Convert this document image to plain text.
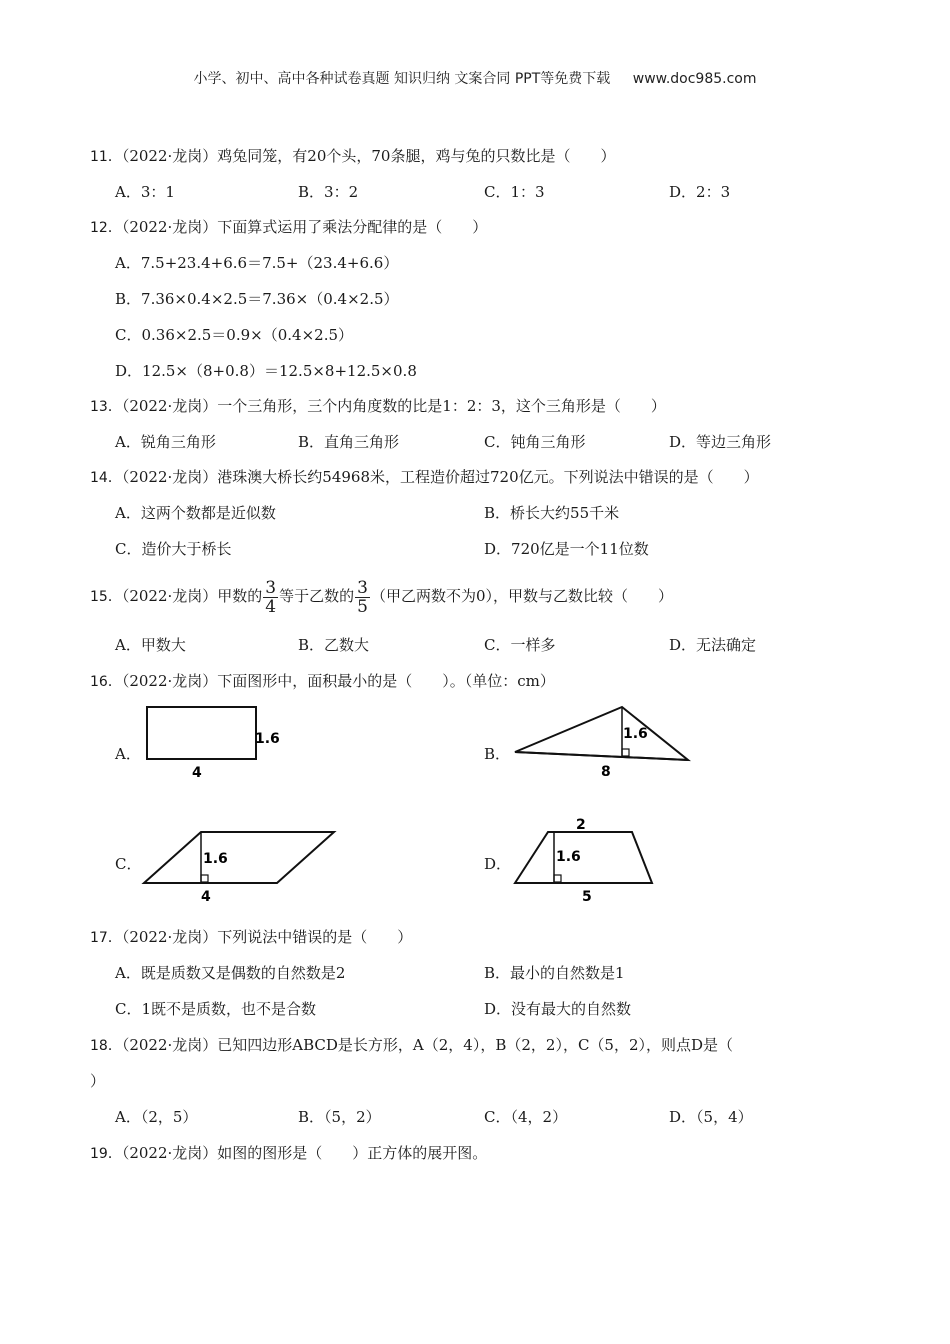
小学、初中、高中各种试卷真题 知识归纳 文案合同 PPT等免费下载 www.doc985.com
11．（2022·龙岗）鸡兔同笼，有20个头，70条腿，鸡与兔的只数比是（　　）
A．3：1	B．3：2	C．1：3	D．2：3
12．（2022·龙岗）下面算式运用了乘法分配律的是（　　）
A．7.5+23.4+6.6＝7.5+（23.4+6.6）
B．7.36×0.4×2.5＝7.36×（0.4×2.5）
C．0.36×2.5＝0.9×（0.4×2.5）
D．12.5×（8+0.8）＝12.5×8+12.5×0.8
13．（2022·龙岗）一个三角形，三个内角度数的比是1：2：3，这个三角形是（　　）
A．锐角三角形	B．直角三角形	C．钝角三角形	D．等边三角形
14．（2022·龙岗）港珠澳大桥长约54968米，工程造价超过720亿元。下列说法中错误的是（　　）
A．这两个数都是近似数	B．桥长大约55千米
C．造价大于桥长	D．720亿是一个11位数
15．（2022·龙岗）甲数的 $\frac{3}{4}$ 等于乙数的 $\frac{3}{5}$ （甲乙两数不为0），甲数与乙数比较（　　）
A．甲数大	B．乙数大	C．一样多	D．无法确定
16．（2022·龙岗）下面图形中，面积最小的是（　　）。（单位：cm）
A．
1.6
4
B．
1.6
8
C．	1.6
4
D．
2
1.6
5
17．（2022·龙岗）下列说法中错误的是（　　）
A．既是质数又是偶数的自然数是2	B．最小的自然数是1
C．1既不是质数，也不是合数	D．没有最大的自然数
18．（2022·龙岗）已知四边形ABCD是长方形，A（2，4），B（2，2），C（5，2），则点D是（
）
A．（2，5）	B．（5，2）	C．（4，2）	D．（5，4）
19．（2022·龙岗）如图的图形是（　　）正方体的展开图。
